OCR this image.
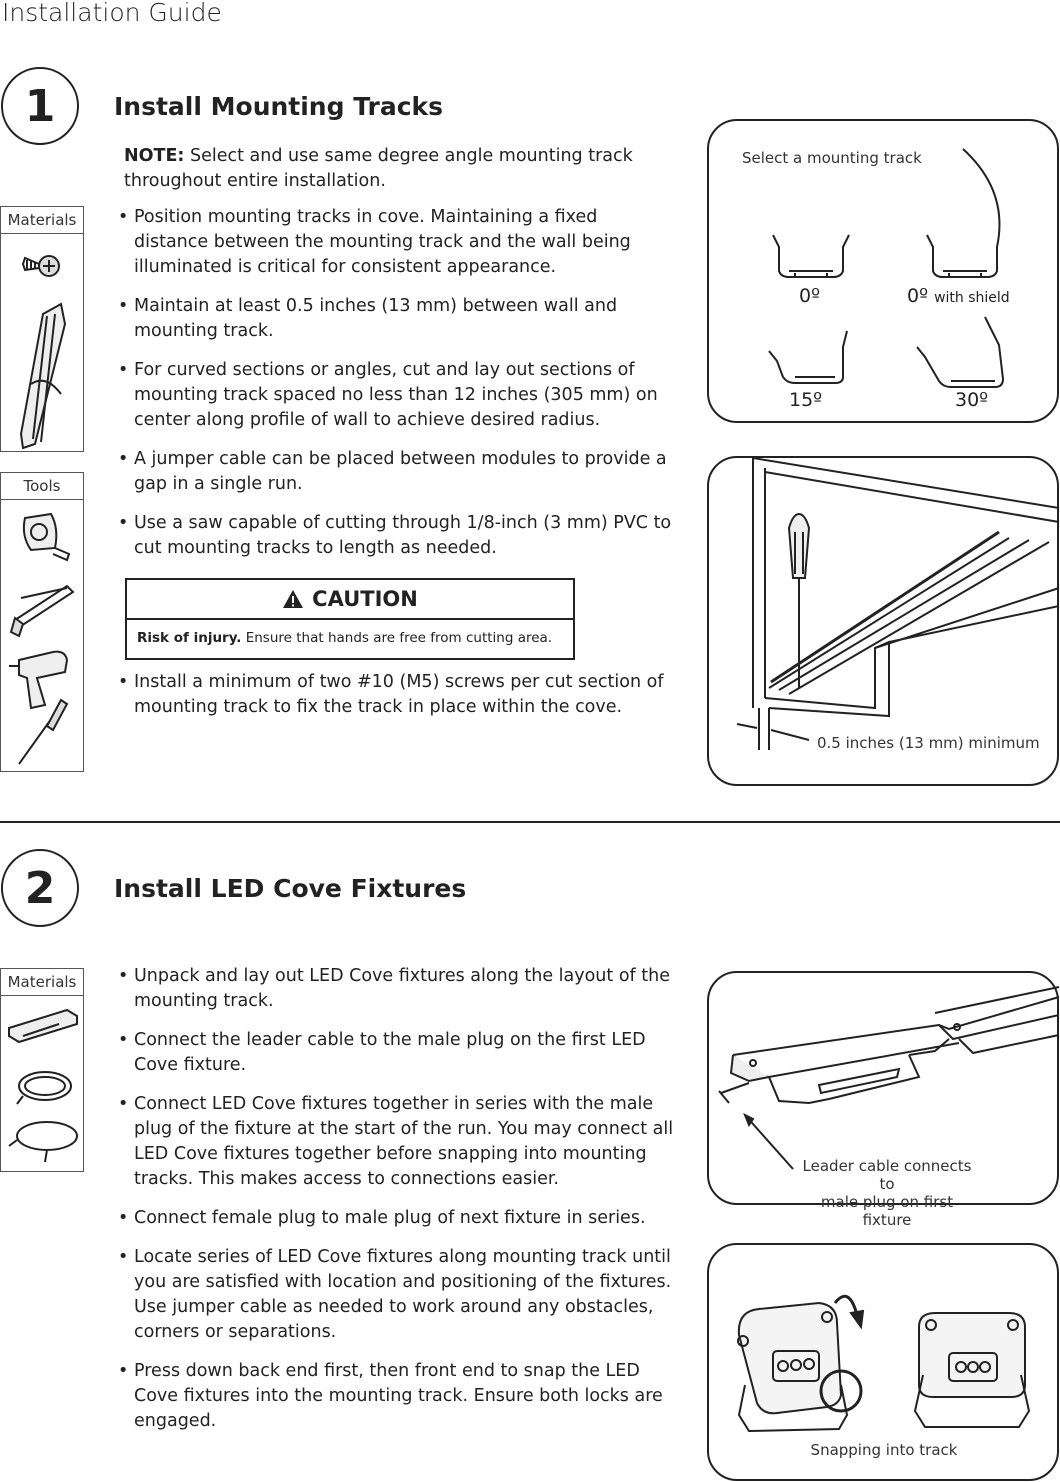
Installation Guide
1	Install Mounting Tracks
NOTE: Select and use same degree angle mounting track throughout entire installation.
• Position mounting tracks in cove. Maintaining a fixed distance between the mounting track and the wall being illuminated is critical for consistent appearance.
• Maintain at least 0.5 inches (13 mm) between wall and mounting track.
• For curved sections or angles, cut and lay out sections of mounting track spaced no less than 12 inches (305 mm) on center along profile of wall to achieve desired radius.
• A jumper cable can be placed between modules to provide a gap in a single run.
• Use a saw capable of cutting through 1/8-inch (3 mm) PVC to cut mounting tracks to length as needed.
CAUTION
Risk of injury. Ensure that hands are free from cutting area.
• Install a minimum of two #10 (M5) screws per cut section of mounting track to fix the track in place within the cove.
Materials
Tools
Select a mounting track
0º	0º with shield
15º	30º
0.5 inches (13 mm) minimum
2	Install LED Cove Fixtures
• Unpack and lay out LED Cove fixtures along the layout of the mounting track.
• Connect the leader cable to the male plug on the first LED Cove fixture.
• Connect LED Cove fixtures together in series with the male plug of the fixture at the start of the run. You may connect all LED Cove fixtures together before snapping into mounting tracks. This makes access to connections easier.
• Connect female plug to male plug of next fixture in series.
• Locate series of LED Cove fixtures along mounting track until you are satisfied with location and positioning of the fixtures. Use jumper cable as needed to work around any obstacles, corners or separations.
• Press down back end first, then front end to snap the LED Cove fixtures into the mounting track. Ensure both locks are engaged.
Materials
Leader cable connects to
male plug on first fixture
Snapping into track
